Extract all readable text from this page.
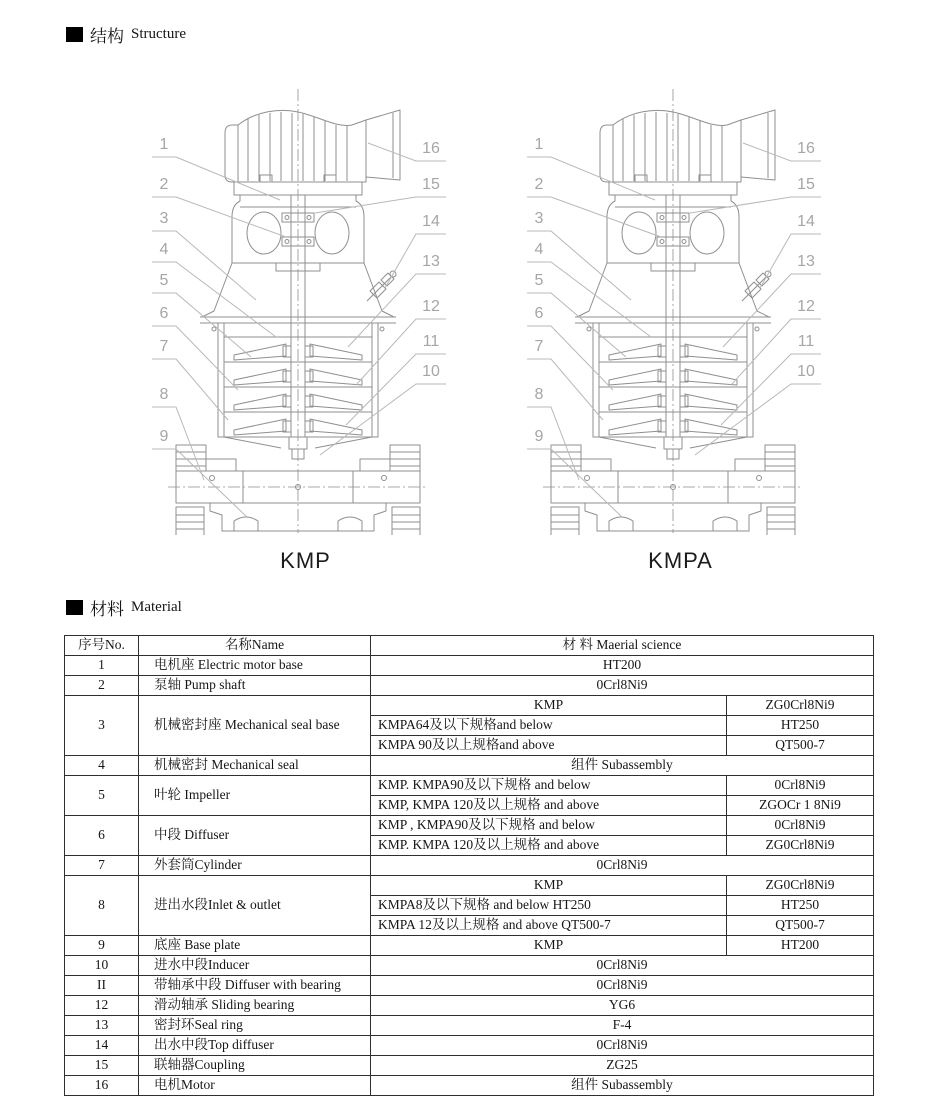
结构 Structure
1
2
3
4
5
6
7
8
9
16
15
14
13
12
11
10
KMP
1
2
3
4
5
6
7
8
9
16
15
14
13
12
11
10
KMPA
材料 Material
序号No.	名称Name	材 料 Maerial science	
1	电机座 Electric motor base	HT200	
2	泵轴 Pump shaft	0Crl8Ni9	
3	机械密封座 Mechanical seal base	KMP	ZG0Crl8Ni9
		KMPA64及以下规格and below	HT250
		KMPA 90及以上规格and above	QT500-7
4	机械密封 Mechanical seal	组件 Subassembly	
5	叶轮 Impeller	KMP. KMPA90及以下规格 and below	0Crl8Ni9
		KMP, KMPA 120及以上规格 and above	ZGOCr 1 8Ni9
6	中段 Diffuser	KMP , KMPA90及以下规格 and below	0Crl8Ni9
		KMP. KMPA 120及以上规格 and above	ZG0Crl8Ni9
7	外套筒Cylinder	0Crl8Ni9	
8	进出水段Inlet & outlet	KMP	ZG0Crl8Ni9
		KMPA8及以下规格 and below HT250	HT250
		KMPA 12及以上规格 and above QT500-7	QT500-7
9	底座 Base plate	KMP	HT200
10	进水中段Inducer	0Crl8Ni9	
II	带轴承中段 Diffuser with bearing	0Crl8Ni9	
12	滑动轴承 Sliding bearing	YG6	
13	密封环Seal ring	F-4	
14	出水中段Top diffuser	0Crl8Ni9	
15	联轴器Coupling	ZG25	
16	电机Motor	组件 Subassembly	
